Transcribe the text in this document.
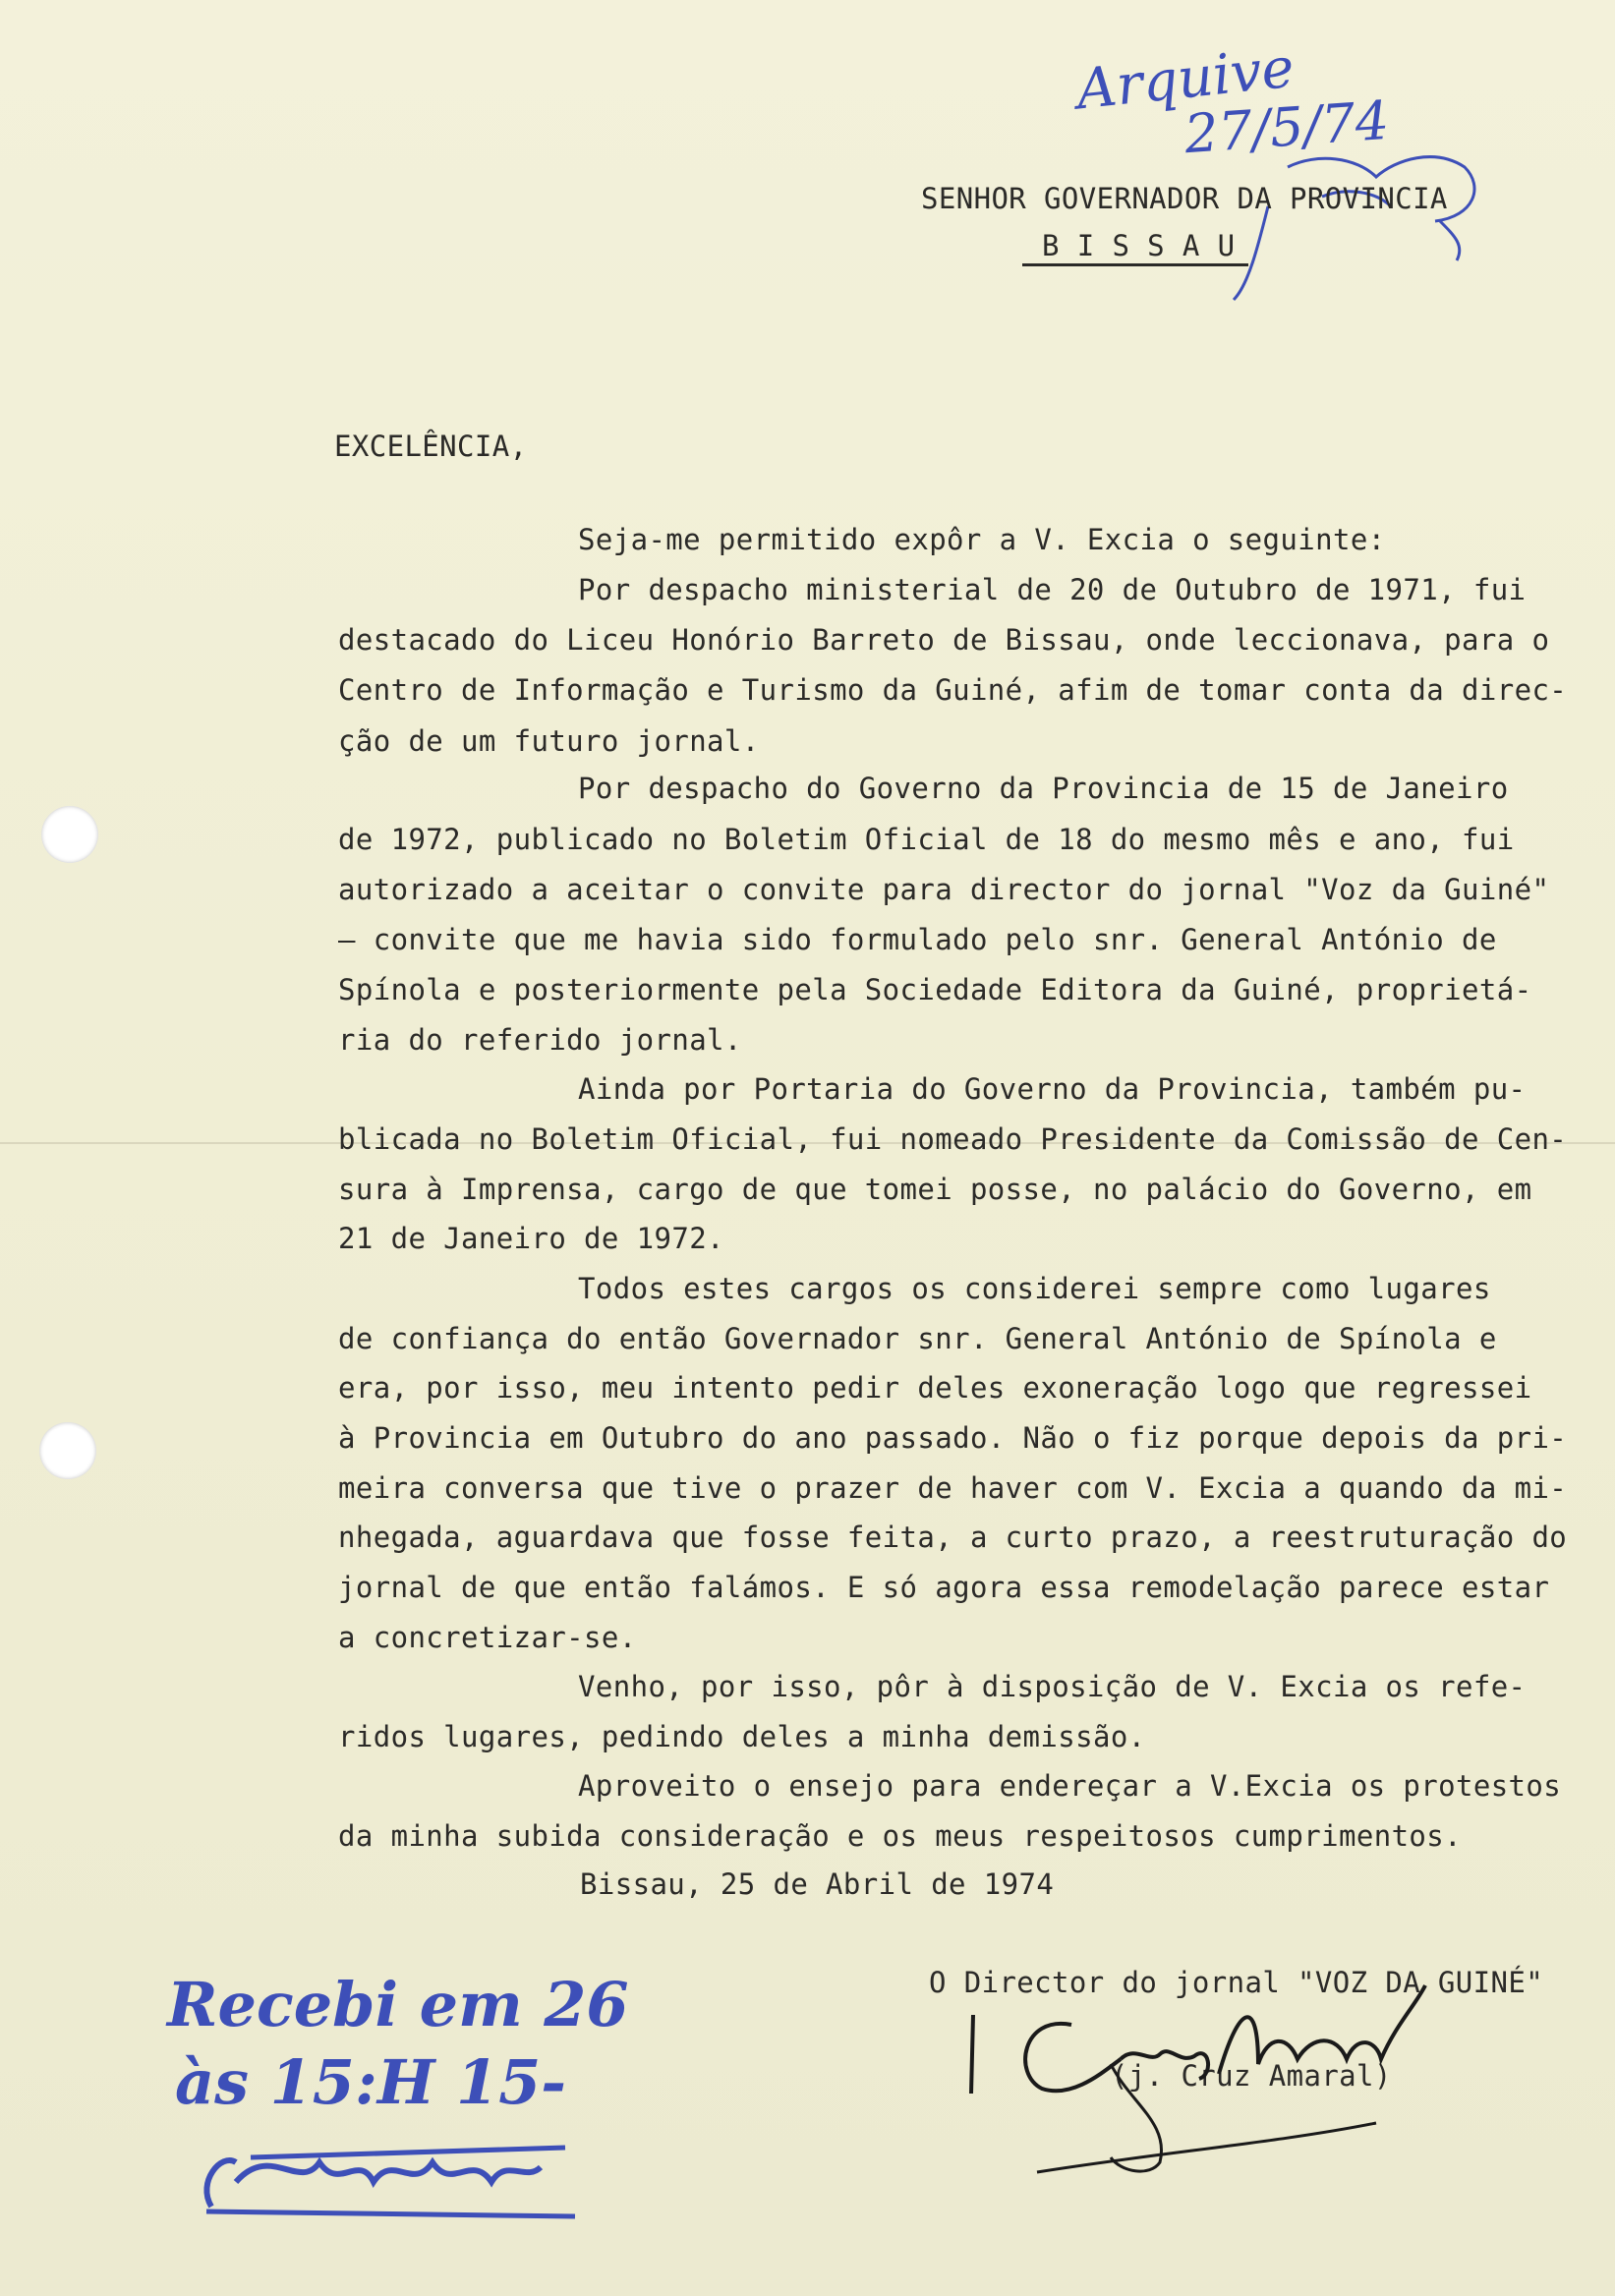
Arquive
27/5/74
SENHOR GOVERNADOR DA PROVINCIA
B I S S A U
EXCELÊNCIA,
Seja-me permitido expôr a V. Excia o seguinte:
Por despacho ministerial de 20 de Outubro de 1971, fui
destacado do Liceu Honório Barreto de Bissau, onde leccionava, para o
Centro de Informação e Turismo da Guiné, afim de tomar conta da direc-
ção de um futuro jornal.
Por despacho do Governo da Provincia de 15 de Janeiro
de 1972, publicado no Boletim Oficial de 18 do mesmo mês e ano, fui
autorizado a aceitar o convite para director do jornal "Voz da Guiné"
— convite que me havia sido formulado pelo snr. General António de
Spínola e posteriormente pela Sociedade Editora da Guiné, proprietá-
ria do referido jornal.
Ainda por Portaria do Governo da Provincia, também pu-
blicada no Boletim Oficial, fui nomeado Presidente da Comissão de Cen-
sura à Imprensa, cargo de que tomei posse, no palácio do Governo, em
21 de Janeiro de 1972.
Todos estes cargos os considerei sempre como lugares
de confiança do então Governador snr. General António de Spínola e
era, por isso, meu intento pedir deles exoneração logo que regressei
à Provincia em Outubro do ano passado. Não o fiz porque depois da pri-
meira conversa que tive o prazer de haver com V. Excia a quando da mi-
nhegada, aguardava que fosse feita, a curto prazo, a reestruturação do
jornal de que então falámos. E só agora essa remodelação parece estar
a concretizar-se.
Venho, por isso, pôr à disposição de V. Excia os refe-
ridos lugares, pedindo deles a minha demissão.
Aproveito o ensejo para endereçar a V.Excia os protestos
da minha subida consideração e os meus respeitosos cumprimentos.
Bissau, 25 de Abril de 1974
O Director do jornal "VOZ DA GUINÉ"
(j. Cruz Amaral)
Recebi em 26
às 15:H 15-
